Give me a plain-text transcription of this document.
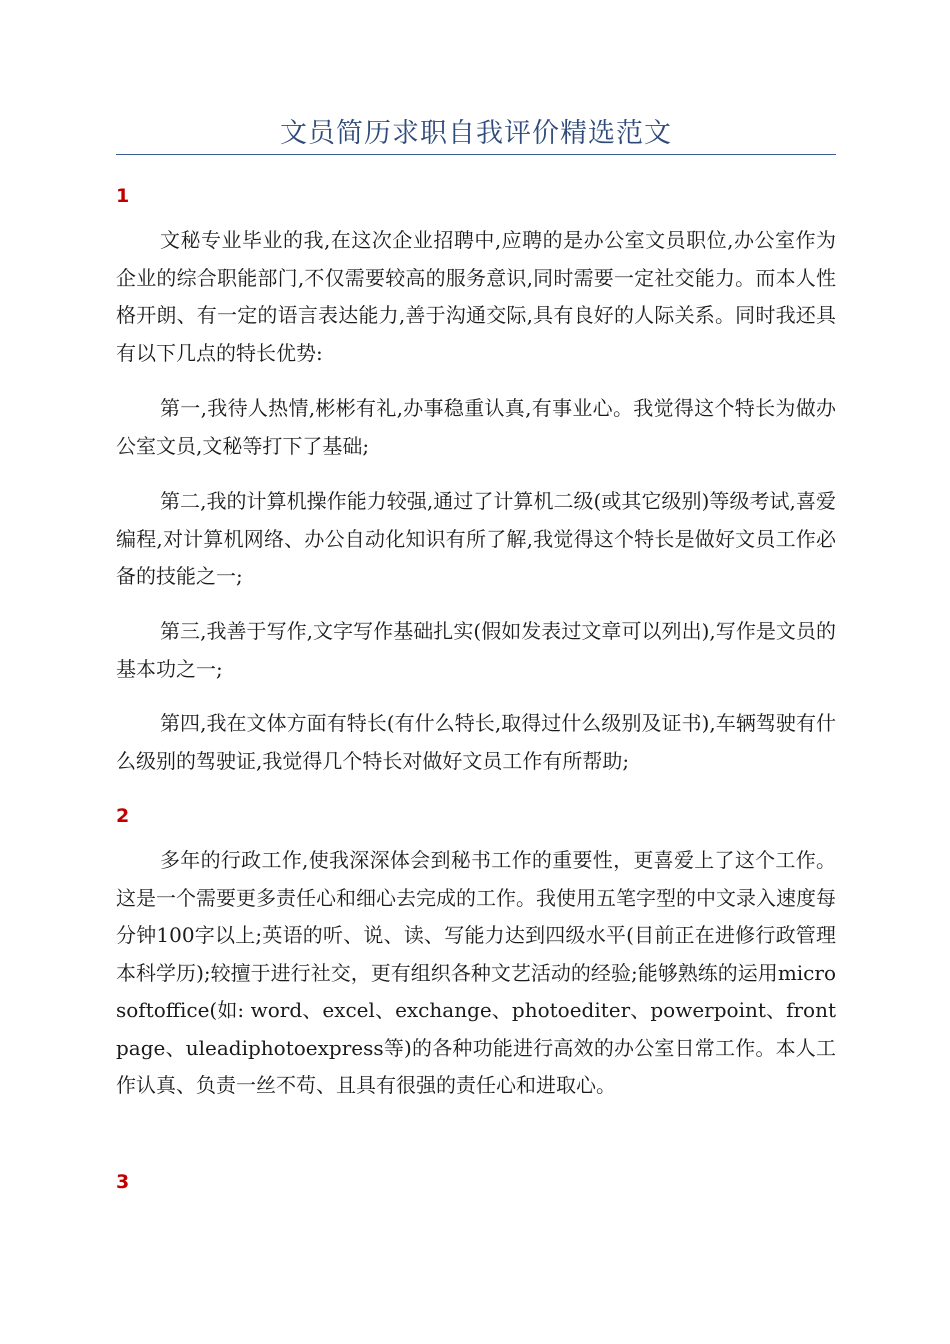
文员简历求职自我评价精选范文
1

文秘专业毕业的我,在这次企业招聘中,应聘的是办公室文员职位,办公室作为企业的综合职能部门,不仅需要较高的服务意识,同时需要一定社交能力。而本人性格开朗、有一定的语言表达能力,善于沟通交际,具有良好的人际关系。同时我还具有以下几点的特长优势:

第一,我待人热情,彬彬有礼,办事稳重认真,有事业心。我觉得这个特长为做办公室文员,文秘等打下了基础;

第二,我的计算机操作能力较强,通过了计算机二级(或其它级别)等级考试,喜爱编程,对计算机网络、办公自动化知识有所了解,我觉得这个特长是做好文员工作必备的技能之一;

第三,我善于写作,文字写作基础扎实(假如发表过文章可以列出),写作是文员的基本功之一;

第四,我在文体方面有特长(有什么特长,取得过什么级别及证书),车辆驾驶有什么级别的驾驶证,我觉得几个特长对做好文员工作有所帮助;

2

多年的行政工作,使我深深体会到秘书工作的重要性，更喜爱上了这个工作。这是一个需要更多责任心和细心去完成的工作。我使用五笔字型的中文录入速度每分钟100字以上;英语的听、说、读、写能力达到四级水平(目前正在进修行政管理本科学历);较擅于进行社交，更有组织各种文艺活动的经验;能够熟练的运用microsoftoffice(如: word、excel、exchange、photoediter、powerpoint、frontpage、uleadiphotoexpress等)的各种功能进行高效的办公室日常工作。本人工作认真、负责一丝不苟、且具有很强的责任心和进取心。

3
